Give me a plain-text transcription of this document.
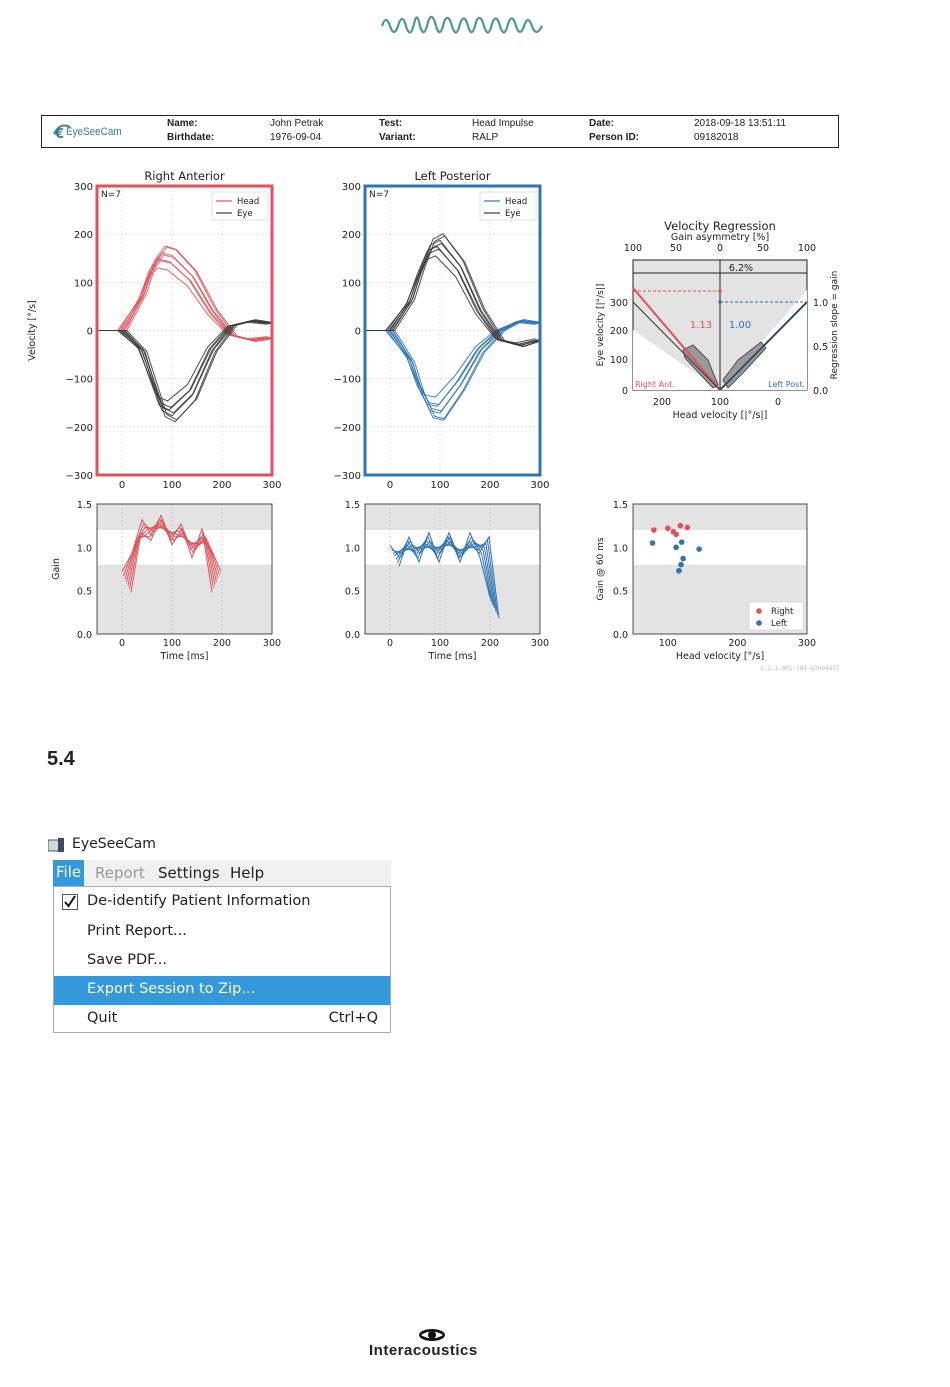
€ EyeSeeCam
Name:	John Petrak
Birthdate:	1976-09-04
Test:	Head Impulse
Variant:	RALP
Date:	2018-09-18 13:51:11
Person ID:	09182018
0	100	200	300
300
200
100
0
−100
−200
−300
Right Anterior
N=7
Head
Eye
Velocity [°/s]
0	100	200	300
300
200
100
0
−100
−200
−300
Left Posterior
N=7
Head
Eye
1.13 1.00
6.2%
Right Ant.	Left Post.
Velocity Regression
Gain asymmetry [%]
100	50	0	50	100
200	100	0
300
200
100
0
1.0
0.5
0.0
Head velocity [|°/s|]
Eye velocity [|°/s|]	Regression slope = gain
0	100	200	300
1.5
1.0
0.5
0.0
Time [ms]
Gain
0	100	200	300
1.5
1.0
0.5
0.0
Time [ms]
100	200	300
1.5
1.0
0.5
0.0
Head velocity [°/s]
Gain @ 60 ms
Right
Left
1.2.1.001-184-g3694a37
5.4
EyeSeeCam
File Report Settings Help
De-identify Patient Information
Print Report...
Save PDF...
Export Session to Zip...
Quit	Ctrl+Q
Interacoustics
